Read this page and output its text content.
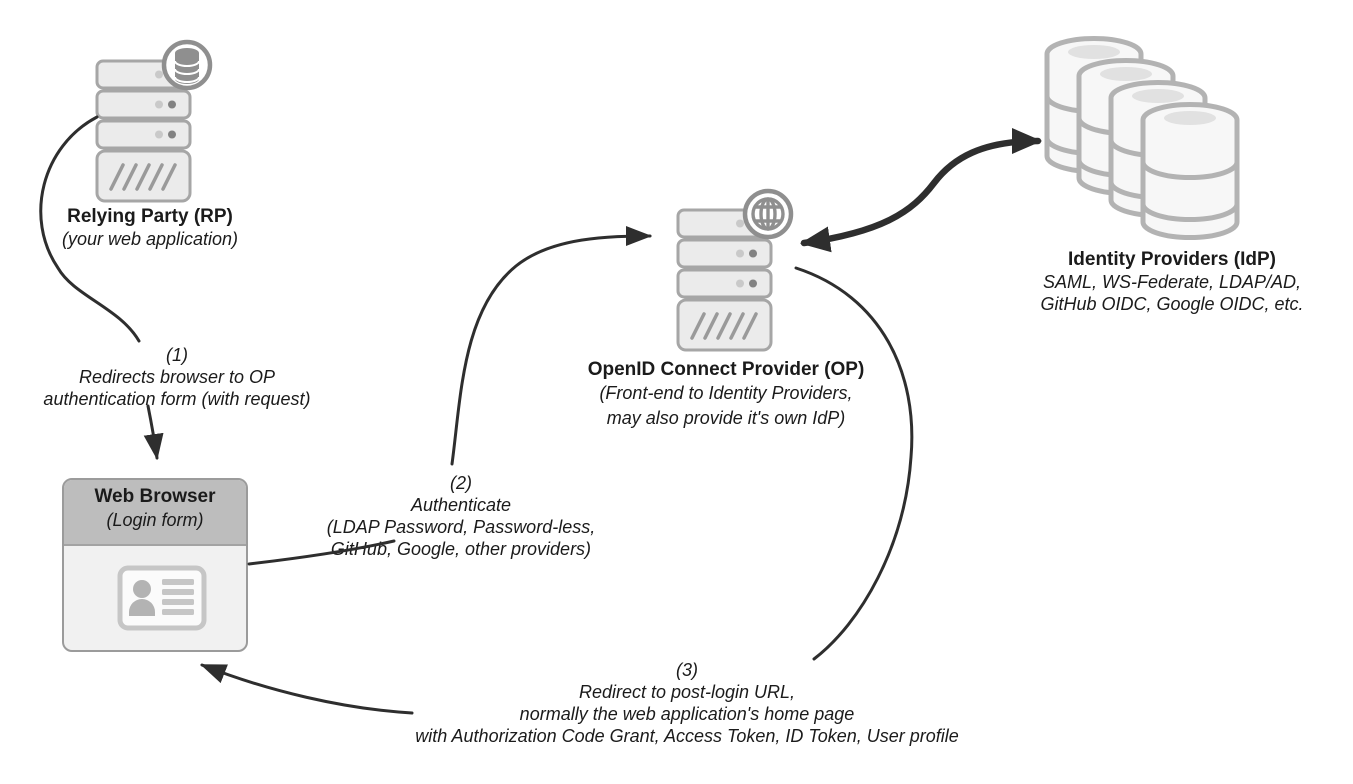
Relying Party (RP)
(your web application)
OpenID Connect Provider (OP)
(Front-end to Identity Providers,
may also provide it's own IdP)
Identity Providers (IdP)
SAML, WS-Federate, LDAP/AD,
GitHub OIDC, Google OIDC, etc.
Web Browser
(Login form)
(1)
Redirects browser to OP
authentication form (with request)
(2)
Authenticate
(LDAP Password, Password-less,
GitHub, Google, other providers)
(3)
Redirect to post-login URL,
normally the web application's home page
with Authorization Code Grant, Access Token, ID Token, User profile
